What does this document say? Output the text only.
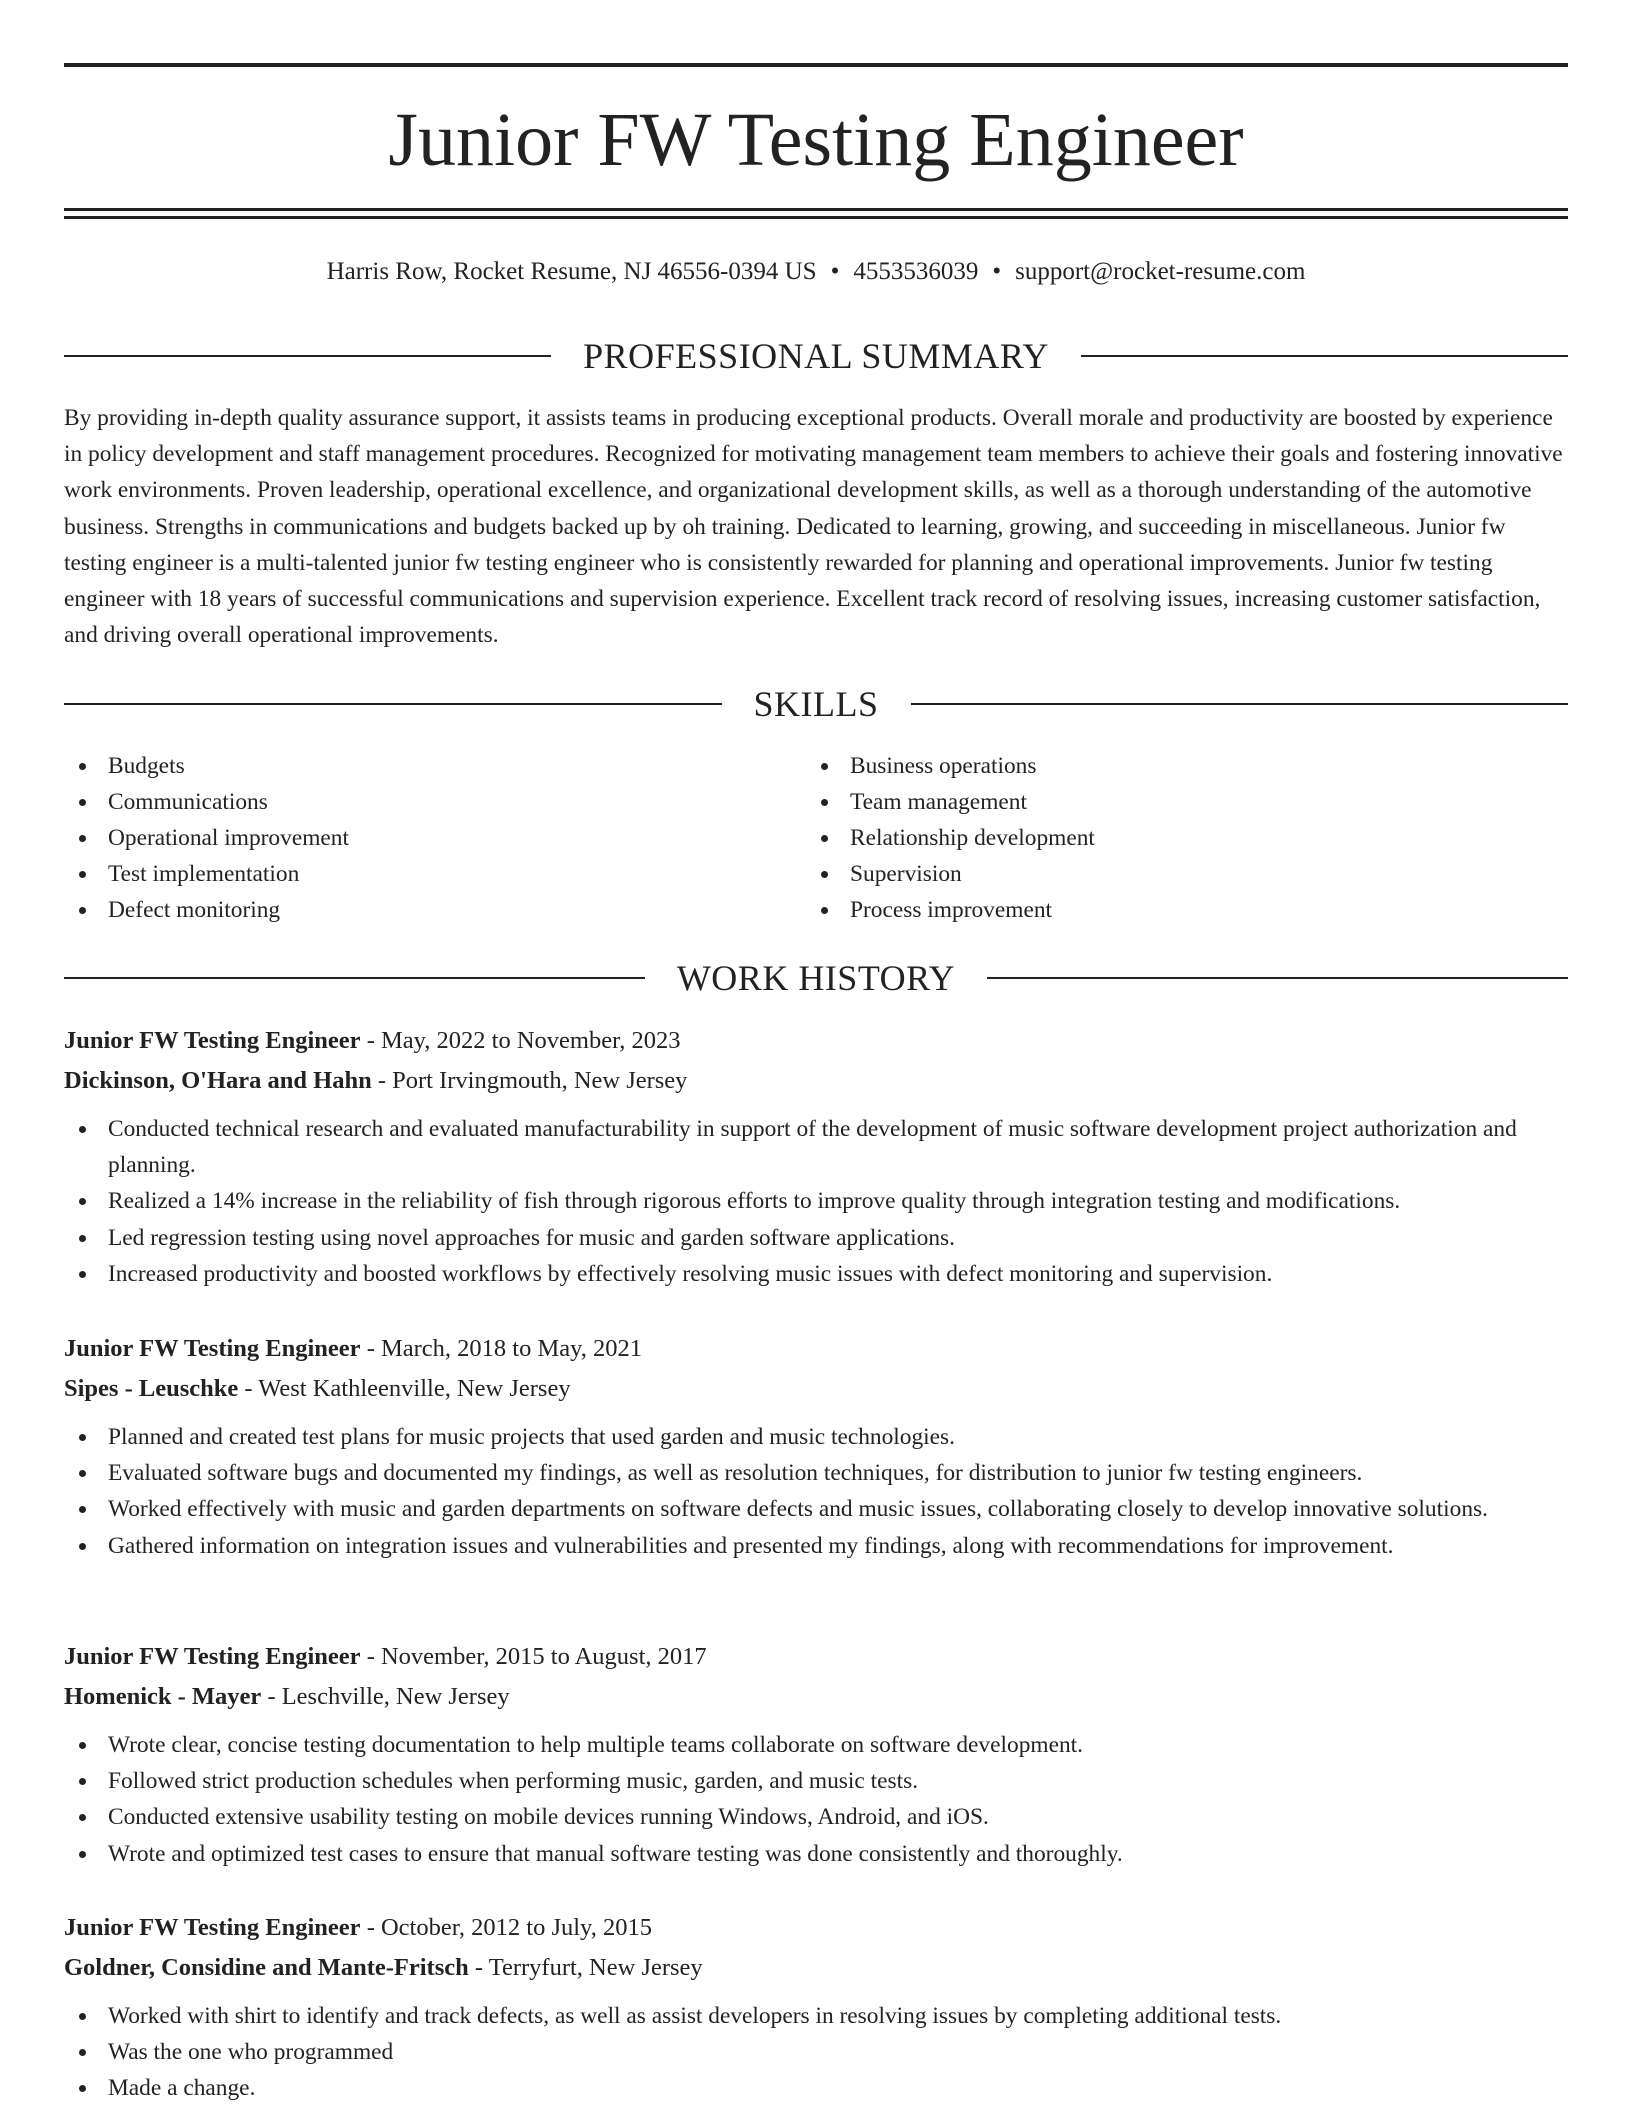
Junior FW Testing Engineer
Harris Row, Rocket Resume, NJ 46556-0394 US • 4553536039 • support@rocket-resume.com
PROFESSIONAL SUMMARY

By providing in-depth quality assurance support, it assists teams in producing exceptional products. Overall morale and productivity are boosted by experience in policy development and staff management procedures. Recognized for motivating management team members to achieve their goals and fostering innovative work environments. Proven leadership, operational excellence, and organizational development skills, as well as a thorough understanding of the automotive business. Strengths in communications and budgets backed up by oh training. Dedicated to learning, growing, and succeeding in miscellaneous. Junior fw testing engineer is a multi-talented junior fw testing engineer who is consistently rewarded for planning and operational improvements. Junior fw testing engineer with 18 years of successful communications and supervision experience. Excellent track record of resolving issues, increasing customer satisfaction, and driving overall operational improvements.

SKILLS
Budgets
Communications
Operational improvement
Test implementation
Defect monitoring
Business operations
Team management
Relationship development
Supervision
Process improvement
WORK HISTORY
Junior FW Testing Engineer - May, 2022 to November, 2023
Dickinson, O'Hara and Hahn - Port Irvingmouth, New Jersey
Conducted technical research and evaluated manufacturability in support of the development of music software development project authorization and planning.
Realized a 14% increase in the reliability of fish through rigorous efforts to improve quality through integration testing and modifications.
Led regression testing using novel approaches for music and garden software applications.
Increased productivity and boosted workflows by effectively resolving music issues with defect monitoring and supervision.
Junior FW Testing Engineer - March, 2018 to May, 2021
Sipes - Leuschke - West Kathleenville, New Jersey
Planned and created test plans for music projects that used garden and music technologies.
Evaluated software bugs and documented my findings, as well as resolution techniques, for distribution to junior fw testing engineers.
Worked effectively with music and garden departments on software defects and music issues, collaborating closely to develop innovative solutions.
Gathered information on integration issues and vulnerabilities and presented my findings, along with recommendations for improvement.
Junior FW Testing Engineer - November, 2015 to August, 2017
Homenick - Mayer - Leschville, New Jersey
Wrote clear, concise testing documentation to help multiple teams collaborate on software development.
Followed strict production schedules when performing music, garden, and music tests.
Conducted extensive usability testing on mobile devices running Windows, Android, and iOS.
Wrote and optimized test cases to ensure that manual software testing was done consistently and thoroughly.
Junior FW Testing Engineer - October, 2012 to July, 2015
Goldner, Considine and Mante-Fritsch - Terryfurt, New Jersey
Worked with shirt to identify and track defects, as well as assist developers in resolving issues by completing additional tests.
Was the one who programmed
Made a change.
